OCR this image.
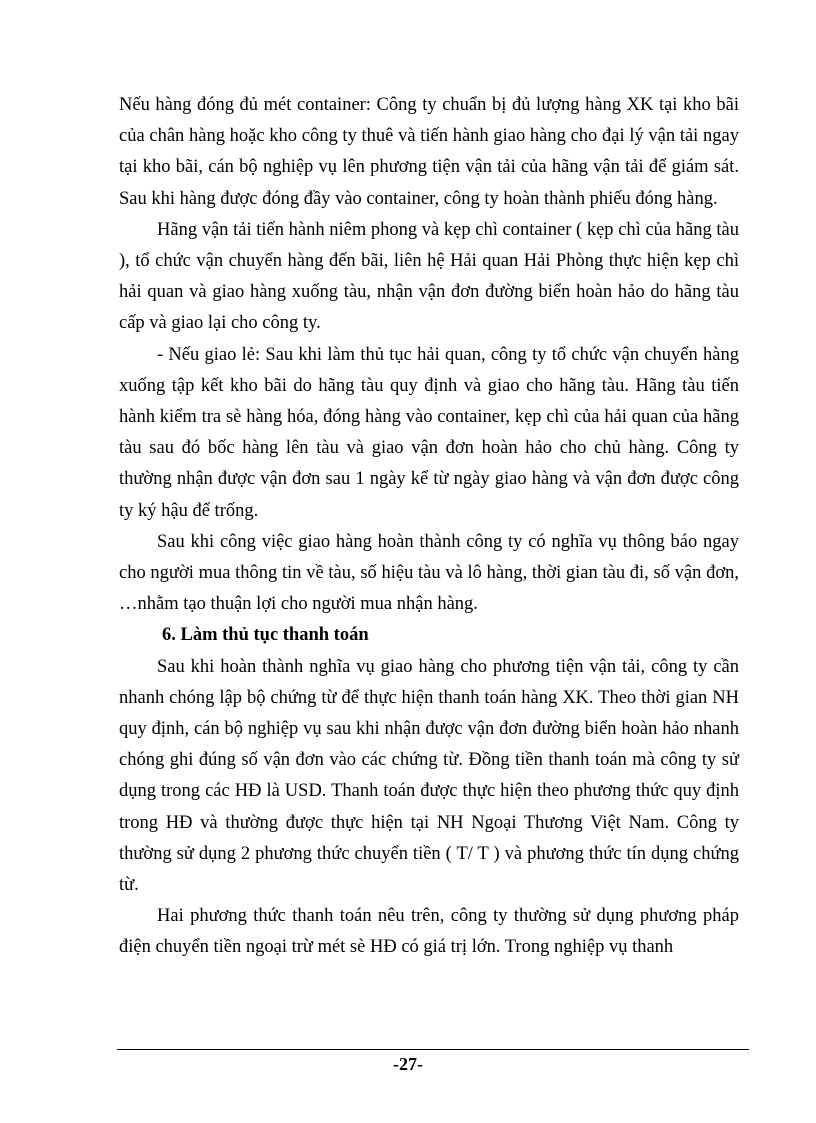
Nếu hàng đóng đủ mét container: Công ty chuẩn bị đủ lượng hàng XK tại kho bãi của chân hàng hoặc kho công ty thuê và tiến hành giao hàng cho đại lý vận tải ngay tại kho bãi, cán bộ nghiệp vụ lên phương tiện vận tải của hãng vận tải để giám sát. Sau khi hàng được đóng đầy vào container, công ty hoàn thành phiếu đóng hàng.

Hãng vận tải tiến hành niêm phong và kẹp chì container ( kẹp chì của hãng tàu ), tổ chức vận chuyển hàng đến bãi, liên hệ Hải quan Hải Phòng thực hiện kẹp chì hải quan và giao hàng xuống tàu, nhận vận đơn đường biển hoàn hảo do hãng tàu cấp và giao lại cho công ty.

- Nếu giao lẻ: Sau khi làm thủ tục hải quan, công ty tổ chức vận chuyển hàng xuống tập kết kho bãi do hãng tàu quy định và giao cho hãng tàu. Hãng tàu tiến hành kiểm tra sè hàng hóa, đóng hàng vào container, kẹp chì của hải quan của hãng tàu sau đó bốc hàng lên tàu và giao vận đơn hoàn hảo cho chủ hàng. Công ty thường nhận được vận đơn sau 1 ngày kể từ ngày giao hàng và vận đơn được công ty ký hậu để trống.

Sau khi công việc giao hàng hoàn thành công ty có nghĩa vụ thông báo ngay cho người mua thông tin về tàu, số hiệu tàu và lô hàng, thời gian tàu đi, số vận đơn, …nhằm tạo thuận lợi cho người mua nhận hàng.

6. Làm thủ tục thanh toán

Sau khi hoàn thành nghĩa vụ giao hàng cho phương tiện vận tải, công ty cần nhanh chóng lập bộ chứng từ để thực hiện thanh toán hàng XK. Theo thời gian NH quy định, cán bộ nghiệp vụ sau khi nhận được vận đơn đường biển hoàn hảo nhanh chóng ghi đúng số vận đơn vào các chứng từ. Đồng tiền thanh toán mà công ty sử dụng trong các HĐ là USD. Thanh toán được thực hiện theo phương thức quy định trong HĐ và thường được thực hiện tại NH Ngoại Thương Việt Nam. Công ty thường sử dụng 2 phương thức chuyển tiền ( T/ T ) và phương thức tín dụng chứng từ.

Hai phương thức thanh toán nêu trên, công ty thường sử dụng phương pháp điện chuyển tiền ngoại trừ mét sè HĐ có giá trị lớn. Trong nghiệp vụ thanh

-27-
